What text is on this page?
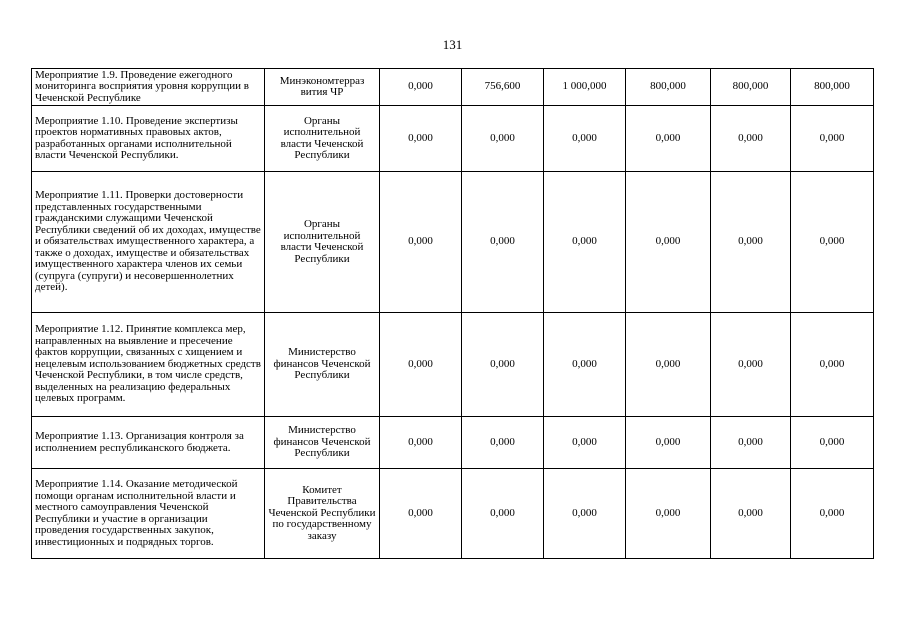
131
Мероприятие 1.9. Проведение ежегодного мониторинга восприятия уровня коррупции в Чеченской Республике	Минэкономтерраз вития ЧР	0,000	756,600	1 000,000	800,000	800,000	800,000
Мероприятие 1.10. Проведение экспертизы проектов нормативных правовых актов, разработанных органами исполнительной власти Чеченской Республики.	Органы исполнительной власти Чеченской Республики	0,000	0,000	0,000	0,000	0,000	0,000
Мероприятие 1.11. Проверки достоверности представленных государственными гражданскими служащими Чеченской Республики сведений об их доходах, имуществе и обязательствах имущественного характера, а также о доходах, имуществе и обязательствах имущественного характера членов их семьи (супруга (супруги) и несовершеннолетних детей).	Органы исполнительной власти Чеченской Республики	0,000	0,000	0,000	0,000	0,000	0,000
Мероприятие 1.12. Принятие комплекса мер, направленных на выявление и пресечение фактов коррупции, связанных с хищением и нецелевым использованием бюджетных средств Чеченской Республики, в том числе средств, выделенных на реализацию федеральных целевых программ.	Министерство финансов Чеченской Республики	0,000	0,000	0,000	0,000	0,000	0,000
Мероприятие 1.13. Организация контроля за исполнением республиканского бюджета.	Министерство финансов Чеченской Республики	0,000	0,000	0,000	0,000	0,000	0,000
Мероприятие 1.14. Оказание методической помощи органам исполнительной власти и местного самоуправления Чеченской Республики и участие в организации проведения государственных закупок, инвестиционных и подрядных торгов.	Комитет Правительства Чеченской Республики по государственному заказу	0,000	0,000	0,000	0,000	0,000	0,000
